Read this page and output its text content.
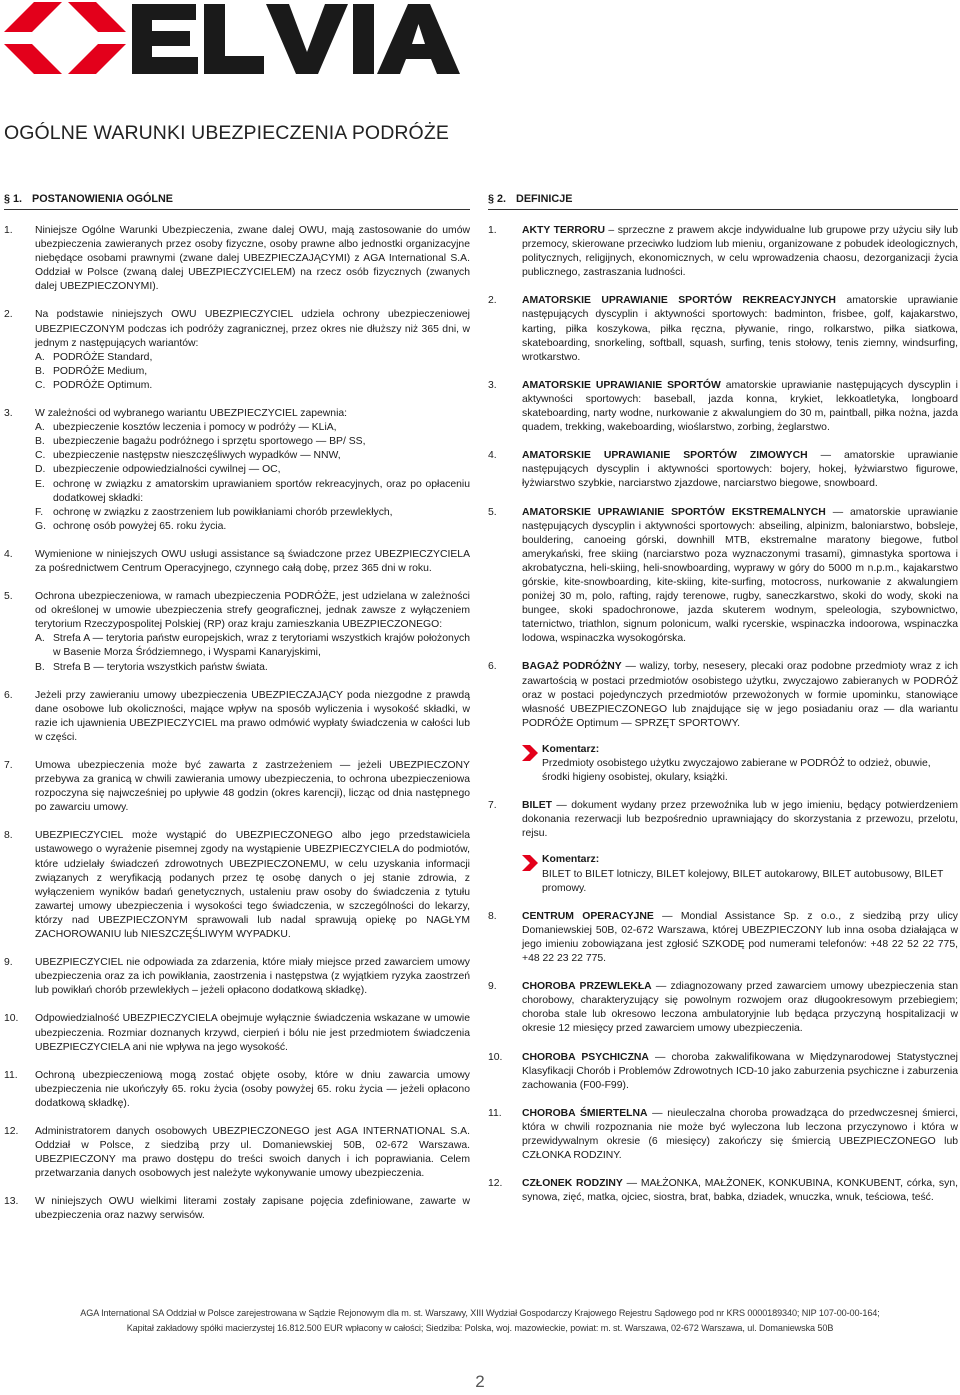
OGÓLNE WARUNKI UBEZPIECZENIA PODRÓŻE
§ 1. POSTANOWIENIA OGÓLNE
1.	Niniejsze Ogólne Warunki Ubezpieczenia, zwane dalej OWU, mają zastosowanie do umów ubezpieczenia zawieranych przez osoby fizyczne, osoby prawne albo jednostki organizacyjne niebędące osobami prawnymi (zwane dalej UBEZPIECZAJĄCYMI) z AGA International S.A. Oddział w Polsce (zwaną dalej UBEZPIECZYCIELEM) na rzecz osób fizycznych (zwanych dalej UBEZPIECZONYMI).

2.	Na podstawie niniejszych OWU UBEZPIECZYCIEL udziela ochrony ubezpieczeniowej UBEZPIECZONYM podczas ich podróży zagranicznej, przez okres nie dłuższy niż 365 dni, w jednym z następujących wariantów:

A. PODRÓŻE Standard,
B. PODRÓŻE Medium,
C. PODRÓŻE Optimum.
3.	W zależności od wybranego wariantu UBEZPIECZYCIEL zapewnia:

A. ubezpieczenie kosztów leczenia i pomocy w podróży — KLiA,
B. ubezpieczenie bagażu podróżnego i sprzętu sportowego — BP/ SS,
C. ubezpieczenie następstw nieszczęśliwych wypadków — NNW,
D. ubezpieczenie odpowiedzialności cywilnej — OC,
E. ochronę w związku z amatorskim uprawianiem sportów rekreacyjnych, oraz po opłaceniu dodatkowej składki:
F. ochronę w związku z zaostrzeniem lub powikłaniami chorób przewlekłych,
G. ochronę osób powyżej 65. roku życia.
4.	Wymienione w niniejszych OWU usługi assistance są świadczone przez UBEZPIECZYCIELA za pośrednictwem Centrum Operacyjnego, czynnego całą dobę, przez 365 dni w roku.

5.	Ochrona ubezpieczeniowa, w ramach ubezpieczenia PODRÓŻE, jest udzielana w zależności od określonej w umowie ubezpieczenia strefy geograficznej, jednak zawsze z wyłączeniem terytorium Rzeczypospolitej Polskiej (RP) oraz kraju zamieszkania UBEZPIECZONEGO:

A. Strefa A — terytoria państw europejskich, wraz z terytoriami wszystkich krajów położonych w Basenie Morza Śródziemnego, i Wyspami Kanaryjskimi,
B. Strefa B — terytoria wszystkich państw świata.
6.	Jeżeli przy zawieraniu umowy ubezpieczenia UBEZPIECZAJĄCY poda niezgodne z prawdą dane osobowe lub okoliczności, mające wpływ na sposób wyliczenia i wysokość składki, w razie ich ujawnienia UBEZPIECZYCIEL ma prawo odmówić wypłaty świadczenia w całości lub w części.

7.	Umowa ubezpieczenia może być zawarta z zastrzeżeniem — jeżeli UBEZPIECZONY przebywa za granicą w chwili zawierania umowy ubezpieczenia, to ochrona ubezpieczeniowa rozpoczyna się najwcześniej po upływie 48 godzin (okres karencji), licząc od dnia następnego po zawarciu umowy.

8.	UBEZPIECZYCIEL może wystąpić do UBEZPIECZONEGO albo jego przedstawiciela ustawowego o wyrażenie pisemnej zgody na wystąpienie UBEZPIECZYCIELA do podmiotów, które udzielały świadczeń zdrowotnych UBEZPIECZONEMU, w celu uzyskania informacji związanych z weryfikacją podanych przez tę osobę danych o jej stanie zdrowia, z wyłączeniem wyników badań genetycznych, ustaleniu praw osoby do świadczenia z tytułu zawartej umowy ubezpieczenia i wysokości tego świadczenia, w szczególności do lekarzy, którzy nad UBEZPIECZONYM sprawowali lub nadal sprawują opiekę po NAGŁYM ZACHOROWANIU lub NIESZCZĘŚLIWYM WYPADKU.

9.	UBEZPIECZYCIEL nie odpowiada za zdarzenia, które miały miejsce przed zawarciem umowy ubezpieczenia oraz za ich powikłania, zaostrzenia i następstwa (z wyjątkiem ryzyka zaostrzeń lub powikłań chorób przewlekłych – jeżeli opłacono dodatkową składkę).

10.	Odpowiedzialność UBEZPIECZYCIELA obejmuje wyłącznie świadczenia wskazane w umowie ubezpieczenia. Rozmiar doznanych krzywd, cierpień i bólu nie jest przedmiotem świadczenia UBEZPIECZYCIELA ani nie wpływa na jego wysokość.

11.	Ochroną ubezpieczeniową mogą zostać objęte osoby, które w dniu zawarcia umowy ubezpieczenia nie ukończyły 65. roku życia (osoby powyżej 65. roku życia — jeżeli opłacono dodatkową składkę).

12.	Administratorem danych osobowych UBEZPIECZONEGO jest AGA INTERNATIONAL S.A. Oddział w Polsce, z siedzibą przy ul. Domaniewskiej 50B, 02-672 Warszawa. UBEZPIECZONY ma prawo dostępu do treści swoich danych i ich poprawiania. Celem przetwarzania danych osobowych jest należyte wykonywanie umowy ubezpieczenia.

13.	W niniejszych OWU wielkimi literami zostały zapisane pojęcia zdefiniowane, zawarte w ubezpieczenia oraz nazwy serwisów.

§ 2. DEFINICJE
1.	AKTY TERRORU – sprzeczne z prawem akcje indywidualne lub grupowe przy użyciu siły lub przemocy, skierowane przeciwko ludziom lub mieniu, organizowane z pobudek ideologicznych, politycznych, religijnych, ekonomicznych, w celu wprowadzenia chaosu, dezorganizacji życia publicznego, zastraszania ludności.

2.	AMATORSKIE UPRAWIANIE SPORTÓW REKREACYJNYCH amatorskie uprawianie następujących dyscyplin i aktywności sportowych: badminton, frisbee, golf, kajakarstwo, karting, piłka koszykowa, piłka ręczna, pływanie, ringo, rolkarstwo, piłka siatkowa, skateboarding, snorkeling, softball, squash, surfing, tenis stołowy, tenis ziemny, windsurfing, wrotkarstwo.

3.	AMATORSKIE UPRAWIANIE SPORTÓW amatorskie uprawianie następujących dyscyplin i aktywności sportowych: baseball, jazda konna, krykiet, lekkoatletyka, longboard skateboarding, narty wodne, nurkowanie z akwalungiem do 30 m, paintball, piłka nożna, jazda quadem, trekking, wakeboarding, wioślarstwo, zorbing, żeglarstwo.

4.	AMATORSKIE UPRAWIANIE SPORTÓW ZIMOWYCH — amatorskie uprawianie następujących dyscyplin i aktywności sportowych: bojery, hokej, łyżwiarstwo figurowe, łyżwiarstwo szybkie, narciarstwo zjazdowe, narciarstwo biegowe, snowboard.

5.	AMATORSKIE UPRAWIANIE SPORTÓW EKSTREMALNYCH — amatorskie uprawianie następujących dyscyplin i aktywności sportowych: abseiling, alpinizm, baloniarstwo, bobsleje, bouldering, canoeing górski, downhill MTB, ekstremalne maratony biegowe, futbol amerykański, free skiing (narciarstwo poza wyznaczonymi trasami), gimnastyka sportowa i akrobatyczna, heli-skiing, heli-snowboarding, wyprawy w góry do 5000 m n.p.m., kajakarstwo górskie, kite-snowboarding, kite-skiing, kite-surfing, motocross, nurkowanie z akwalungiem poniżej 30 m, polo, rafting, rajdy terenowe, rugby, saneczkarstwo, skoki do wody, skoki na bungee, skoki spadochronowe, jazda skuterem wodnym, speleologia, szybownictwo, taternictwo, triathlon, signum polonicum, walki rycerskie, wspinaczka indoorowa, wspinaczka lodowa, wspinaczka wysokogórska.

6.	BAGAŻ PODRÓŻNY — walizy, torby, nesesery, plecaki oraz podobne przedmioty wraz z ich zawartością w postaci przedmiotów osobistego użytku, zwyczajowo zabieranych w PODRÓŻ oraz w postaci pojedynczych przedmiotów przewożonych w formie upominku, stanowiące własność UBEZPIECZONEGO lub znajdujące się w jego posiadaniu oraz — dla wariantu PODRÓŻE Optimum — SPRZĘT SPORTOWY.

Komentarz:
Przedmioty osobistego użytku zwyczajowo zabierane w PODRÓŻ to odzież, obuwie, środki higieny osobistej, okulary, książki.
7.	BILET — dokument wydany przez przewoźnika lub w jego imieniu, będący potwierdzeniem dokonania rezerwacji lub bezpośrednio uprawniający do skorzystania z przewozu, przelotu, rejsu.

Komentarz:
BILET to BILET lotniczy, BILET kolejowy, BILET autokarowy, BILET autobusowy, BILET promowy.
8.	CENTRUM OPERACYJNE — Mondial Assistance Sp. z o.o., z siedzibą przy ulicy Domaniewskiej 50B, 02-672 Warszawa, której UBEZPIECZONY lub inna osoba działająca w jego imieniu zobowiązana jest zgłosić SZKODĘ pod numerami telefonów: +48 22 52 22 775, +48 22 23 22 775.

9.	CHOROBA PRZEWLEKŁA — zdiagnozowany przed zawarciem umowy ubezpieczenia stan chorobowy, charakteryzujący się powolnym rozwojem oraz długookresowym przebiegiem; choroba stale lub okresowo leczona ambulatoryjnie lub będąca przyczyną hospitalizacji w okresie 12 miesięcy przed zawarciem umowy ubezpieczenia.

10.	CHOROBA PSYCHICZNA — choroba zakwalifikowana w Międzynarodowej Statystycznej Klasyfikacji Chorób i Problemów Zdrowotnych ICD-10 jako zaburzenia psychiczne i zaburzenia zachowania (F00-F99).

11.	CHOROBA ŚMIERTELNA — nieuleczalna choroba prowadząca do przedwczesnej śmierci, która w chwili rozpoznania nie może być wyleczona lub leczona przyczynowo i która w przewidywalnym okresie (6 miesięcy) zakończy się śmiercią UBEZPIECZONEGO lub CZŁONKA RODZINY.

12.	CZŁONEK RODZINY — MAŁŻONKA, MAŁŻONEK, KONKUBINA, KONKUBENT, córka, syn, synowa, zięć, matka, ojciec, siostra, brat, babka, dziadek, wnuczka, wnuk, teściowa, teść.

AGA International SA Oddział w Polsce zarejestrowana w Sądzie Rejonowym dla m. st. Warszawy, XIII Wydział Gospodarczy Krajowego Rejestru Sądowego pod nr KRS 0000189340; NIP 107-00-00-164;
Kapitał zakładowy spółki macierzystej 16.812.500 EUR wpłacony w całości; Siedziba: Polska, woj. mazowieckie, powiat: m. st. Warszawa, 02-672 Warszawa, ul. Domaniewska 50B
2
